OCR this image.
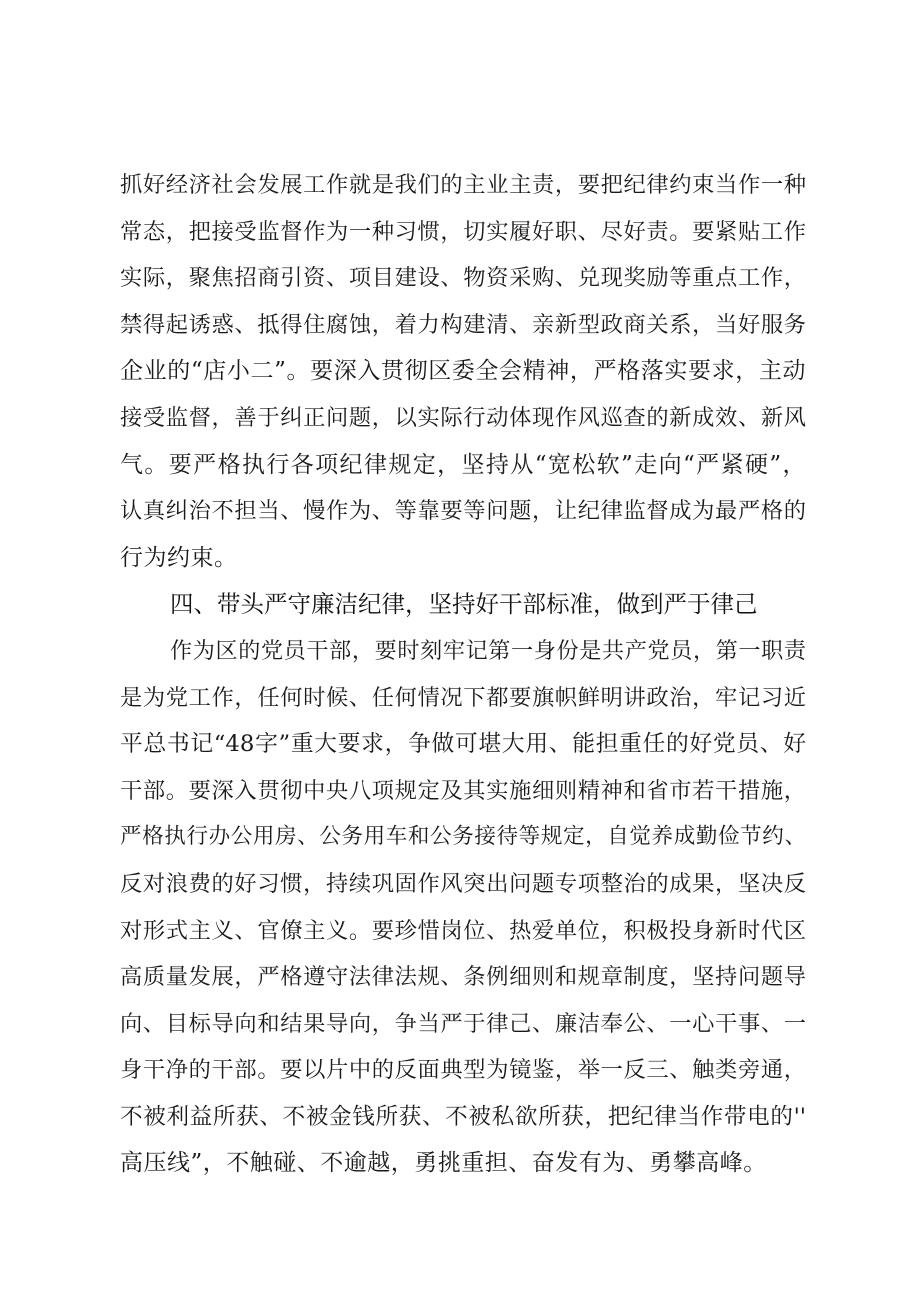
抓好经济社会发展工作就是我们的主业主责，要把纪律约束当作一种
常态，把接受监督作为一种习惯，切实履好职、尽好责。要紧贴工作
实际，聚焦招商引资、项目建设、物资采购、兑现奖励等重点工作，
禁得起诱惑、抵得住腐蚀，着力构建清、亲新型政商关系，当好服务
企业的“店小二”。要深入贯彻区委全会精神，严格落实要求，主动
接受监督，善于纠正问题，以实际行动体现作风巡查的新成效、新风
气。要严格执行各项纪律规定，坚持从“宽松软”走向“严紧硬”，
认真纠治不担当、慢作为、等靠要等问题，让纪律监督成为最严格的
行为约束。
四、带头严守廉洁纪律，坚持好干部标准，做到严于律己
作为区的党员干部，要时刻牢记第一身份是共产党员，第一职责
是为党工作，任何时候、任何情况下都要旗帜鲜明讲政治，牢记习近
平总书记“48字”重大要求，争做可堪大用、能担重任的好党员、好
干部。要深入贯彻中央八项规定及其实施细则精神和省市若干措施，
严格执行办公用房、公务用车和公务接待等规定，自觉养成勤俭节约、
反对浪费的好习惯，持续巩固作风突出问题专项整治的成果，坚决反
对形式主义、官僚主义。要珍惜岗位、热爱单位，积极投身新时代区
高质量发展，严格遵守法律法规、条例细则和规章制度，坚持问题导
向、目标导向和结果导向，争当严于律己、廉洁奉公、一心干事、一
身干净的干部。要以片中的反面典型为镜鉴，举一反三、触类旁通，
不被利益所获、不被金钱所获、不被私欲所获，把纪律当作带电的''
高压线”，不触碰、不逾越，勇挑重担、奋发有为、勇攀高峰。
